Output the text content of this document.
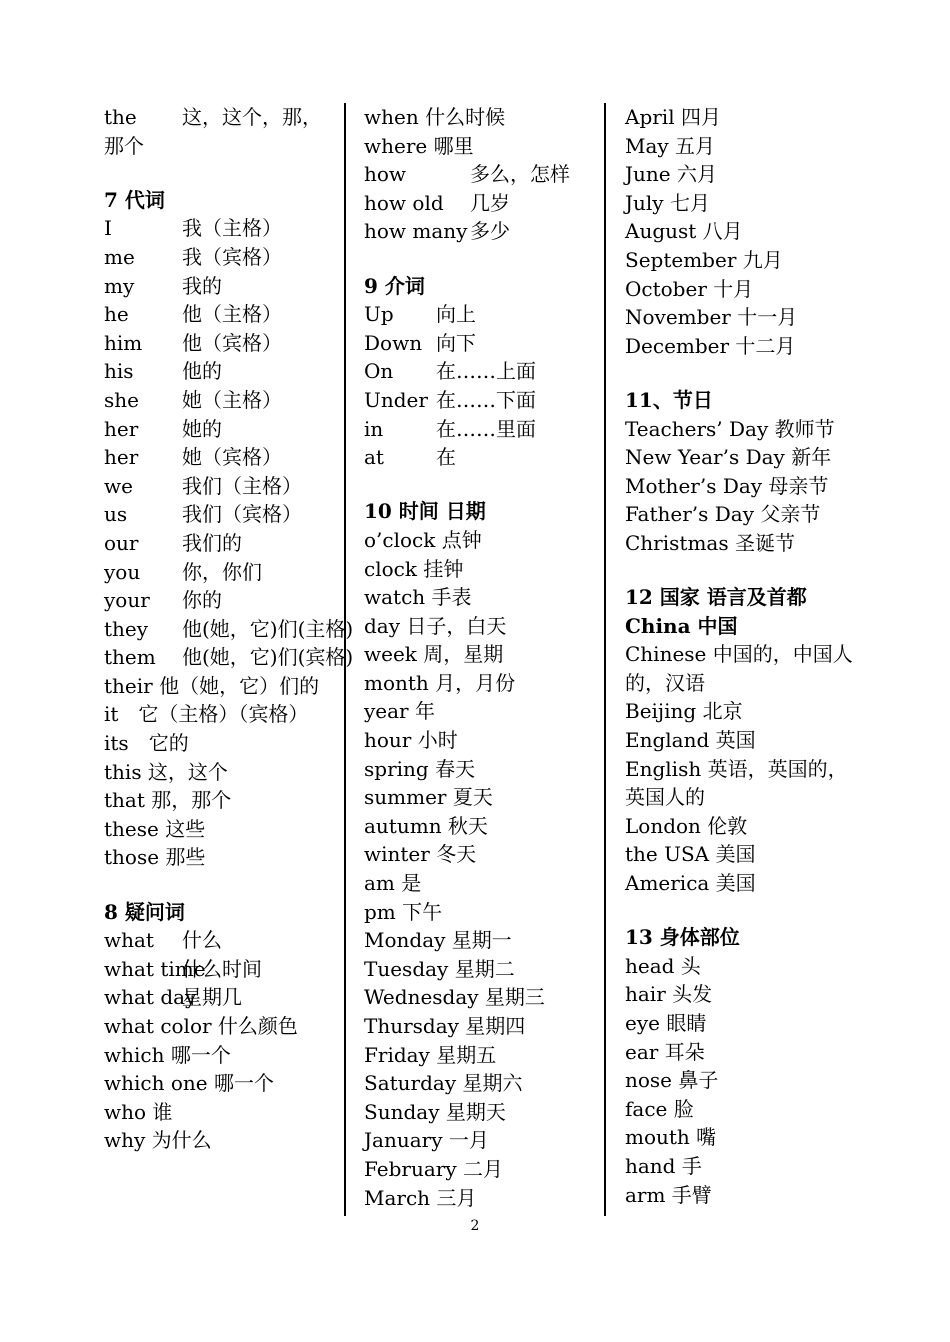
the 这，这个，那，那个
7 代词
I	我（主格）
me 我（宾格）
my 我的
he	他（主格）
him 他（宾格）
his 他的
she 她（主格）
her 她的
her 她（宾格）
we 我们（主格）
us	我们（宾格）
our 我们的
you 你，你们
your 你的
they 他(她，它)们(主格)
them 他(她，它)们(宾格)
their 他（她，它）们的
it　它（主格）（宾格）
its　它的
this 这，这个
that 那，那个
these 这些
those 那些
8 疑问词
what 什么
what time什么时间
what day星期几
what color 什么颜色
which 哪一个
which one 哪一个
who 谁
why 为什么
when 什么时候
where 哪里
how	多么，怎样
how old 几岁
how many 多少
9 介词
Up 向上
Down 向下
On 在……上面
Under 在……下面
in	在……里面
at	在
10 时间 日期
o’clock 点钟
clock 挂钟
watch 手表
day 日子，白天
week 周，星期
month 月，月份
year 年
hour 小时
spring 春天
summer 夏天
autumn 秋天
winter 冬天
am 是
pm 下午
Monday 星期一
Tuesday 星期二
Wednesday 星期三
Thursday 星期四
Friday 星期五
Saturday 星期六
Sunday 星期天
January 一月
February 二月
March 三月
April 四月
May 五月
June 六月
July 七月
August 八月
September 九月
October 十月
November 十一月
December 十二月
11、节日
Teachers’ Day 教师节
New Year’s Day 新年
Mother’s Day 母亲节
Father’s Day 父亲节
Christmas 圣诞节
12 国家 语言及首都
China 中国
Chinese 中国的，中国人的，汉语
Beijing 北京
England 英国
English 英语，英国的，英国人的
London 伦敦
the USA 美国
America 美国
13 身体部位
head 头
hair 头发
eye 眼睛
ear 耳朵
nose 鼻子
face 脸
mouth 嘴
hand 手
arm 手臂
2
